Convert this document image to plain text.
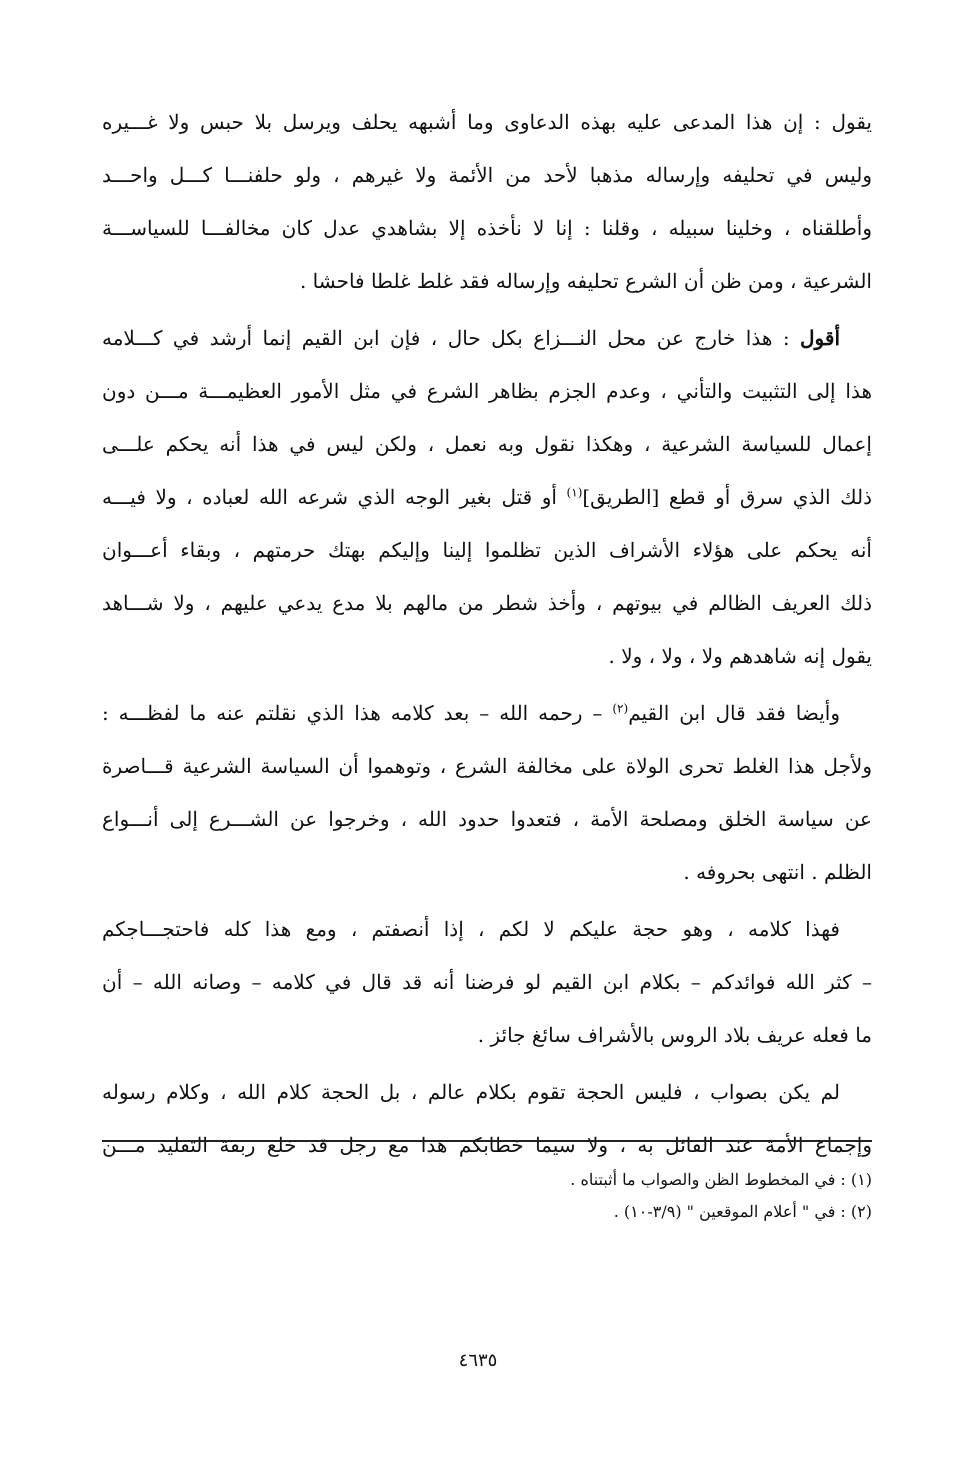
يقول : إن هذا المدعى عليه بهذه الدعاوى وما أشبهه يحلف ويرسل بلا حبس ولا غـــيره
وليس في تحليفه وإرساله مذهبا لأحد من الأئمة ولا غيرهم ، ولو حلفنـــا كـــل واحـــد
وأطلقناه ، وخلينا سبيله ، وقلنا : إنا لا نأخذه إلا بشاهدي عدل كان مخالفـــا للسياســـة
الشرعية ، ومن ظن أن الشرع تحليفه وإرساله فقد غلط غلطا فاحشا .

أقول : هذا خارج عن محل النـــزاع بكل حال ، فإن ابن القيم إنما أرشد في كـــلامه
هذا إلى التثبيت والتأني ، وعدم الجزم بظاهر الشرع في مثل الأمور العظيمـــة مـــن دون
إعمال للسياسة الشرعية ، وهكذا نقول وبه نعمل ، ولكن ليس في هذا أنه يحكم علـــى
ذلك الذي سرق أو قطع [الطريق]$^{(١)}$ أو قتل بغير الوجه الذي شرعه الله لعباده ، ولا فيـــه
أنه يحكم على هؤلاء الأشراف الذين تظلموا إلينا وإليكم بهتك حرمتهم ، وبقاء أعـــوان
ذلك العريف الظالم في بيوتهم ، وأخذ شطر من مالهم بلا مدع يدعي عليهم ، ولا شـــاهد
يقول إنه شاهدهم ولا ، ولا ، ولا .

وأيضا فقد قال ابن القيم$^{(٢)}$ – رحمه الله – بعد كلامه هذا الذي نقلتم عنه ما لفظـــه :
ولأجل هذا الغلط تحرى الولاة على مخالفة الشرع ، وتوهموا أن السياسة الشرعية قـــاصرة
عن سياسة الخلق ومصلحة الأمة ، فتعدوا حدود الله ، وخرجوا عن الشـــرع إلى أنـــواع
الظلم . انتهى بحروفه .

فهذا كلامه ، وهو حجة عليكم لا لكم ، إذا أنصفتم ، ومع هذا كله فاحتجـــاجكم
– كثر الله فوائدكم – بكلام ابن القيم لو فرضنا أنه قد قال في كلامه – وصانه الله – أن
ما فعله عريف بلاد الروس بالأشراف سائغ جائز .

لم يكن بصواب ، فليس الحجة تقوم بكلام عالم ، بل الحجة كلام الله ، وكلام رسوله
وإجماع الأمة عند القائل به ، ولا سيما خطابكم هذا مع رجل قد خلع ربقة التقليد مـــن

(١) : في المخطوط الظن والصواب ما أثبتناه .

(٢) : في " أعلام الموقعين " (٣/٩-١٠) .

٤٦٣٥
